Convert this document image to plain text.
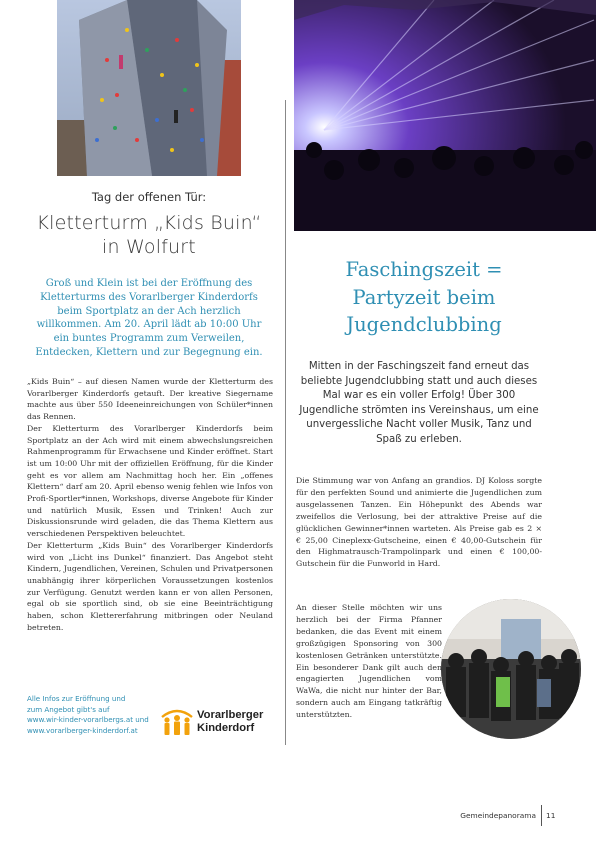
Tag der offenen Tür:
Kletterturm „Kids Buin“
in Wolfurt
Groß und Klein ist bei der Eröffnung des Kletterturms des Vorarlberger Kinderdorfs beim Sportplatz an der Ach herzlich willkommen. Am 20. April lädt ab 10:00 Uhr ein buntes Programm zum Verweilen, Entdecken, Klettern und zur Begegnung ein.

„Kids Buin“ – auf diesen Namen wurde der Kletterturm des Vorarlberger Kinderdorfs getauft. Der kreative Siegername machte aus über 550 Ideeneinreichungen von Schüler*innen das Rennen.

Der Kletterturm des Vorarlberger Kinderdorfs beim Sportplatz an der Ach wird mit einem abwechslungsreichen Rahmenprogramm für Erwachsene und Kinder eröffnet. Start ist um 10:00 Uhr mit der offiziellen Eröffnung, für die Kinder geht es vor allem am Nachmittag hoch her. Ein „offenes Klettern“ darf am 20. April ebenso wenig fehlen wie Infos von Profi-Sportler*innen, Workshops, diverse Angebote für Kinder und natürlich Musik, Essen und Trinken! Auch zur Diskussionsrunde wird geladen, die das Thema Klettern aus verschiedenen Perspektiven beleuchtet.

Der Kletterturm „Kids Buin“ des Vorarlberger Kinderdorfs wird von „Licht ins Dunkel“ finanziert. Das Angebot steht Kindern, Jugendlichen, Vereinen, Schulen und Privatpersonen unabhängig ihrer körperlichen Voraussetzungen kostenlos zur Verfügung. Genutzt werden kann er von allen Personen, egal ob sie sportlich sind, ob sie eine Beeinträchtigung haben, schon Klettererfahrung mitbringen oder Neuland betreten.

Alle Infos zur Eröffnung und
zum Angebot gibt's auf
www.wir-kinder-vorarlbergs.at und
www.vorarlberger-kinderdorf.at
Vorarlberger
Kinderdorf
Faschingszeit =
Partyzeit beim
Jugendclubbing
Mitten in der Faschingszeit fand erneut das beliebte Jugendclubbing statt und auch dieses Mal war es ein voller Erfolg! Über 300 Jugendliche strömten ins Vereinshaus, um eine unvergessliche Nacht voller Musik, Tanz und Spaß zu erleben.

Die Stimmung war von Anfang an grandios. DJ Koloss sorgte für den perfekten Sound und animierte die Jugendlichen zum ausgelassenen Tanzen. Ein Höhepunkt des Abends war zweifellos die Verlosung, bei der attraktive Preise auf die glücklichen Gewinner*innen warteten. Als Preise gab es 2 × € 25,00 Cineplexx-Gutscheine, einen € 40,00-Gutschein für den Highmatrausch-Trampolinpark und einen € 100,00-Gutschein für die Funworld in Hard.

An dieser Stelle möchten wir uns herzlich bei der Firma Pfanner bedanken, die das Event mit einem großzügigen Sponsoring von 300 kostenlosen Getränken unterstützte. Ein besonderer Dank gilt auch den engagierten Jugendlichen vom WaWa, die nicht nur hinter der Bar, sondern auch am Eingang tatkräftig unterstützten.
Gemeindepanorama 11
